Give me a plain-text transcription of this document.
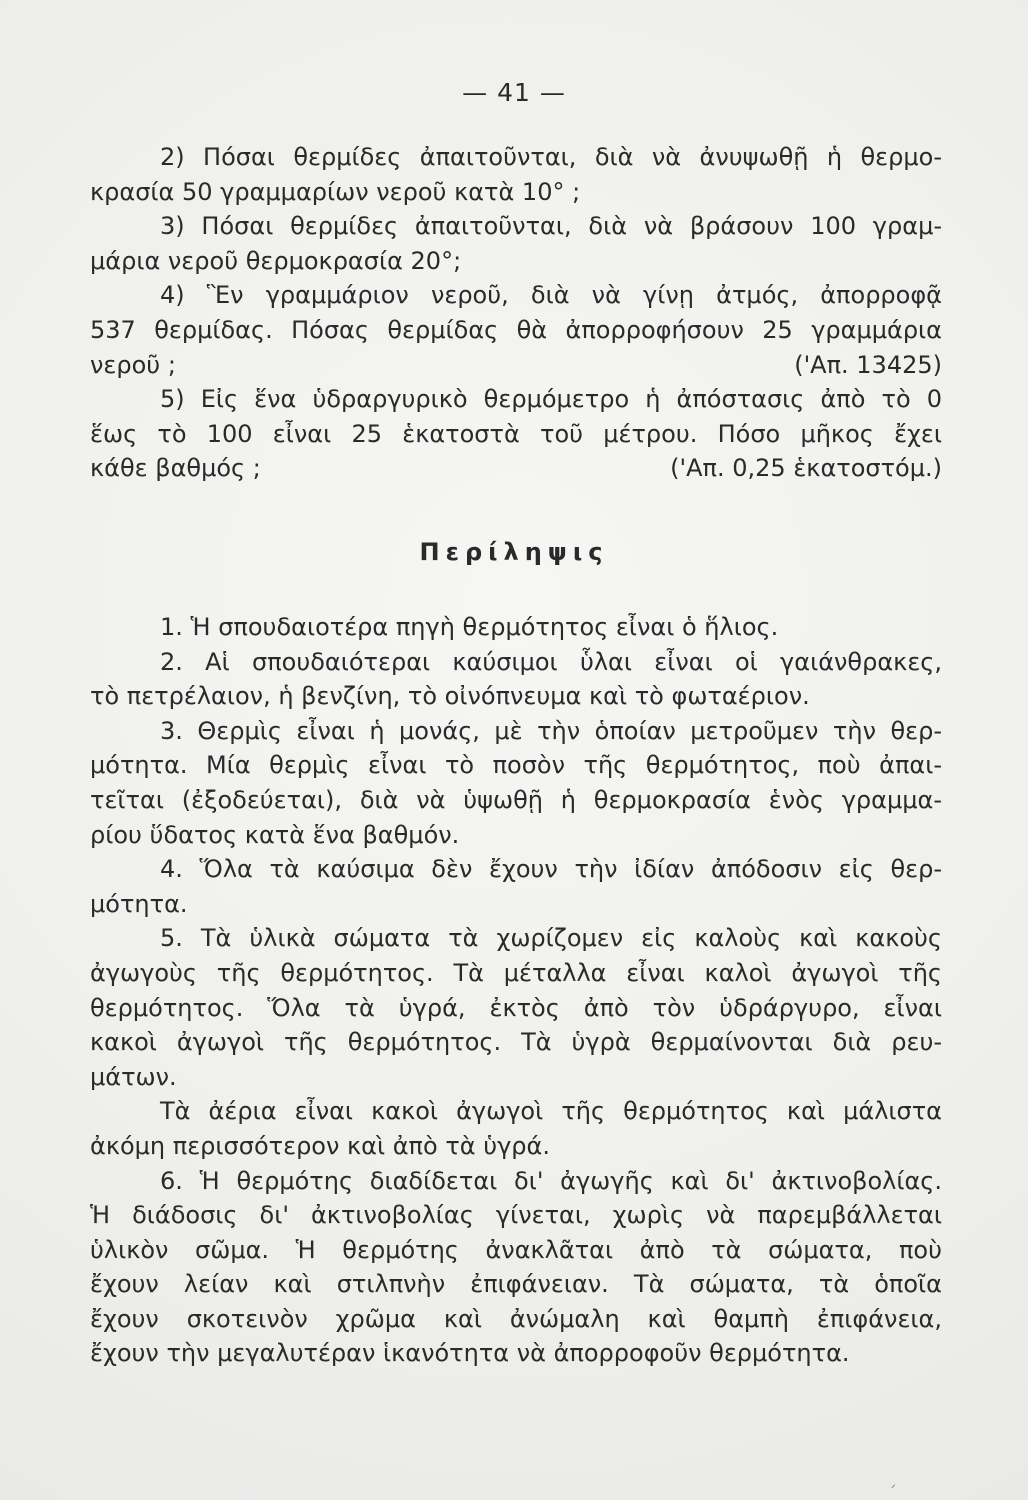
— 41 —
2) Πόσαι θερμίδες ἀπαιτοῦνται, διὰ νὰ ἀνυψωθῇ ἡ θερμο-
κρασία 50 γραμμαρίων νεροῦ κατὰ 10° ;
3) Πόσαι θερμίδες ἀπαιτοῦνται, διὰ νὰ βράσουν 100 γραμ-
μάρια νεροῦ θερμοκρασία 20°;
4) Ἓν γραμμάριον νεροῦ, διὰ νὰ γίνῃ ἀτμός, ἀπορροφᾷ
537 θερμίδας. Πόσας θερμίδας θὰ ἀπορροφήσουν 25 γραμμάρια
νεροῦ ;	('Απ. 13425)
5) Εἰς ἕνα ὑδραργυρικὸ θερμόμετρο ἡ ἀπόστασις ἀπὸ τὸ 0
ἕως τὸ 100 εἶναι 25 ἑκατοστὰ τοῦ μέτρου. Πόσο μῆκος ἔχει
κάθε βαθμός ;	('Απ. 0,25 ἑκατοστόμ.)
Περίληψις
1. Ἡ σπουδαιοτέρα πηγὴ θερμότητος εἶναι ὁ ἥλιος.
2. Αἱ σπουδαιότεραι καύσιμοι ὗλαι εἶναι οἱ γαιάνθρακες,
τὸ πετρέλαιον, ἡ βενζίνη, τὸ οἰνόπνευμα καὶ τὸ φωταέριον.
3. Θερμὶς εἶναι ἡ μονάς, μὲ τὴν ὁποίαν μετροῦμεν τὴν θερ-
μότητα. Μία θερμὶς εἶναι τὸ ποσὸν τῆς θερμότητος, ποὺ ἀπαι-
τεῖται (ἐξοδεύεται), διὰ νὰ ὑψωθῇ ἡ θερμοκρασία ἑνὸς γραμμα-
ρίου ὕδατος κατὰ ἕνα βαθμόν.
4. Ὅλα τὰ καύσιμα δὲν ἔχουν τὴν ἰδίαν ἀπόδοσιν εἰς θερ-
μότητα.
5. Τὰ ὑλικὰ σώματα τὰ χωρίζομεν εἰς καλοὺς καὶ κακοὺς
ἀγωγοὺς τῆς θερμότητος. Τὰ μέταλλα εἶναι καλοὶ ἀγωγοὶ τῆς
θερμότητος. Ὅλα τὰ ὑγρά, ἐκτὸς ἀπὸ τὸν ὑδράργυρο, εἶναι
κακοὶ ἀγωγοὶ τῆς θερμότητος. Τὰ ὑγρὰ θερμαίνονται διὰ ρευ-
μάτων.
Τὰ ἀέρια εἶναι κακοὶ ἀγωγοὶ τῆς θερμότητος καὶ μάλιστα
ἀκόμη περισσότερον καὶ ἀπὸ τὰ ὑγρά.
6. Ἡ θερμότης διαδίδεται δι' ἀγωγῆς καὶ δι' ἀκτινοβολίας.
Ἡ διάδοσις δι' ἀκτινοβολίας γίνεται, χωρὶς νὰ παρεμβάλλεται
ὑλικὸν σῶμα. Ἡ θερμότης ἀνακλᾶται ἀπὸ τὰ σώματα, ποὺ
ἔχουν λείαν καὶ στιλπνὴν ἐπιφάνειαν. Τὰ σώματα, τὰ ὁποῖα
ἔχουν σκοτεινὸν χρῶμα καὶ ἀνώμαλη καὶ θαμπὴ ἐπιφάνεια,
ἔχουν τὴν μεγαλυτέραν ἱκανότητα νὰ ἀπορροφοῦν θερμότητα.
ˏ
